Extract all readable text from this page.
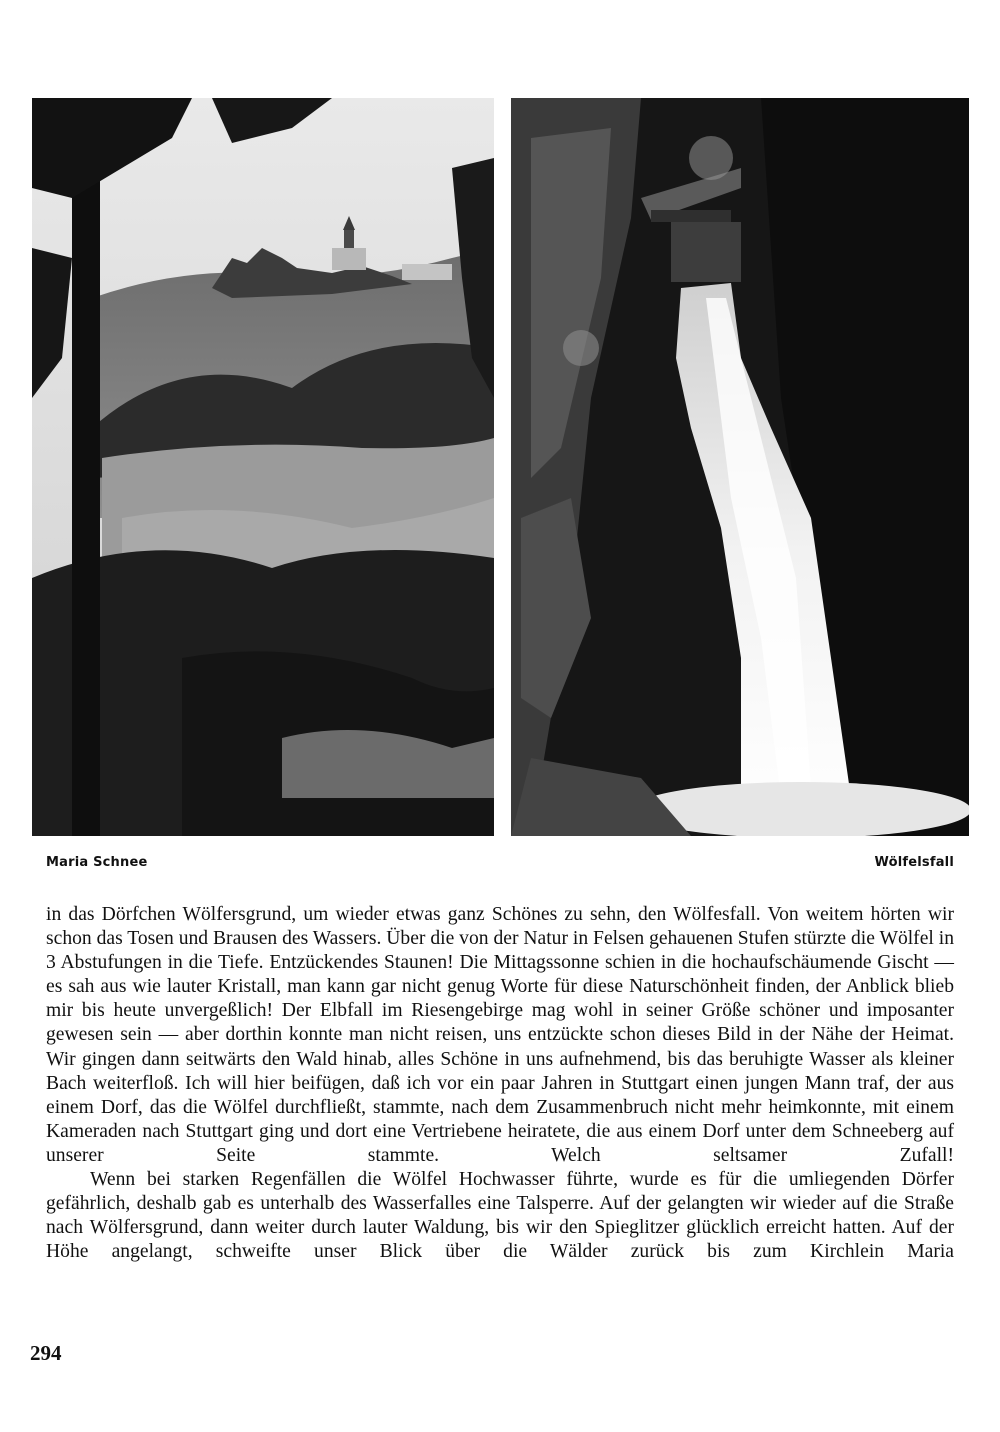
Maria Schnee	Wölfelsfall

in das Dörfchen Wölfersgrund, um wieder etwas ganz Schönes zu sehn, den Wölfesfall. Von weitem hörten wir schon das Tosen und Brausen des Wassers. Über die von der Natur in Felsen gehauenen Stufen stürzte die Wölfel in 3 Abstufungen in die Tiefe. Entzückendes Staunen! Die Mittagssonne schien in die hochaufschäumende Gischt — es sah aus wie lauter Kristall, man kann gar nicht genug Worte für diese Naturschönheit finden, der Anblick blieb mir bis heute unvergeßlich! Der Elbfall im Riesengebirge mag wohl in seiner Größe schöner und imposanter gewesen sein — aber dorthin konnte man nicht reisen, uns entzückte schon dieses Bild in der Nähe der Heimat. Wir gingen dann seitwärts den Wald hinab, alles Schöne in uns aufnehmend, bis das beruhigte Wasser als kleiner Bach weiterfloß. Ich will hier beifügen, daß ich vor ein paar Jahren in Stuttgart einen jungen Mann traf, der aus einem Dorf, das die Wölfel durchfließt, stammte, nach dem Zusammenbruch nicht mehr heimkonnte, mit einem Kameraden nach Stuttgart ging und dort eine Vertriebene heiratete, die aus einem Dorf unter dem Schneeberg auf unserer Seite stammte. Welch seltsamer Zufall!

Wenn bei starken Regenfällen die Wölfel Hochwasser führte, wurde es für die umliegenden Dörfer gefährlich, deshalb gab es unterhalb des Wasserfalles eine Talsperre. Auf der gelangten wir wieder auf die Straße nach Wölfersgrund, dann weiter durch lauter Waldung, bis wir den Spieglitzer glücklich erreicht hatten. Auf der Höhe angelangt, schweifte unser Blick über die Wälder zurück bis zum Kirchlein Maria

294
